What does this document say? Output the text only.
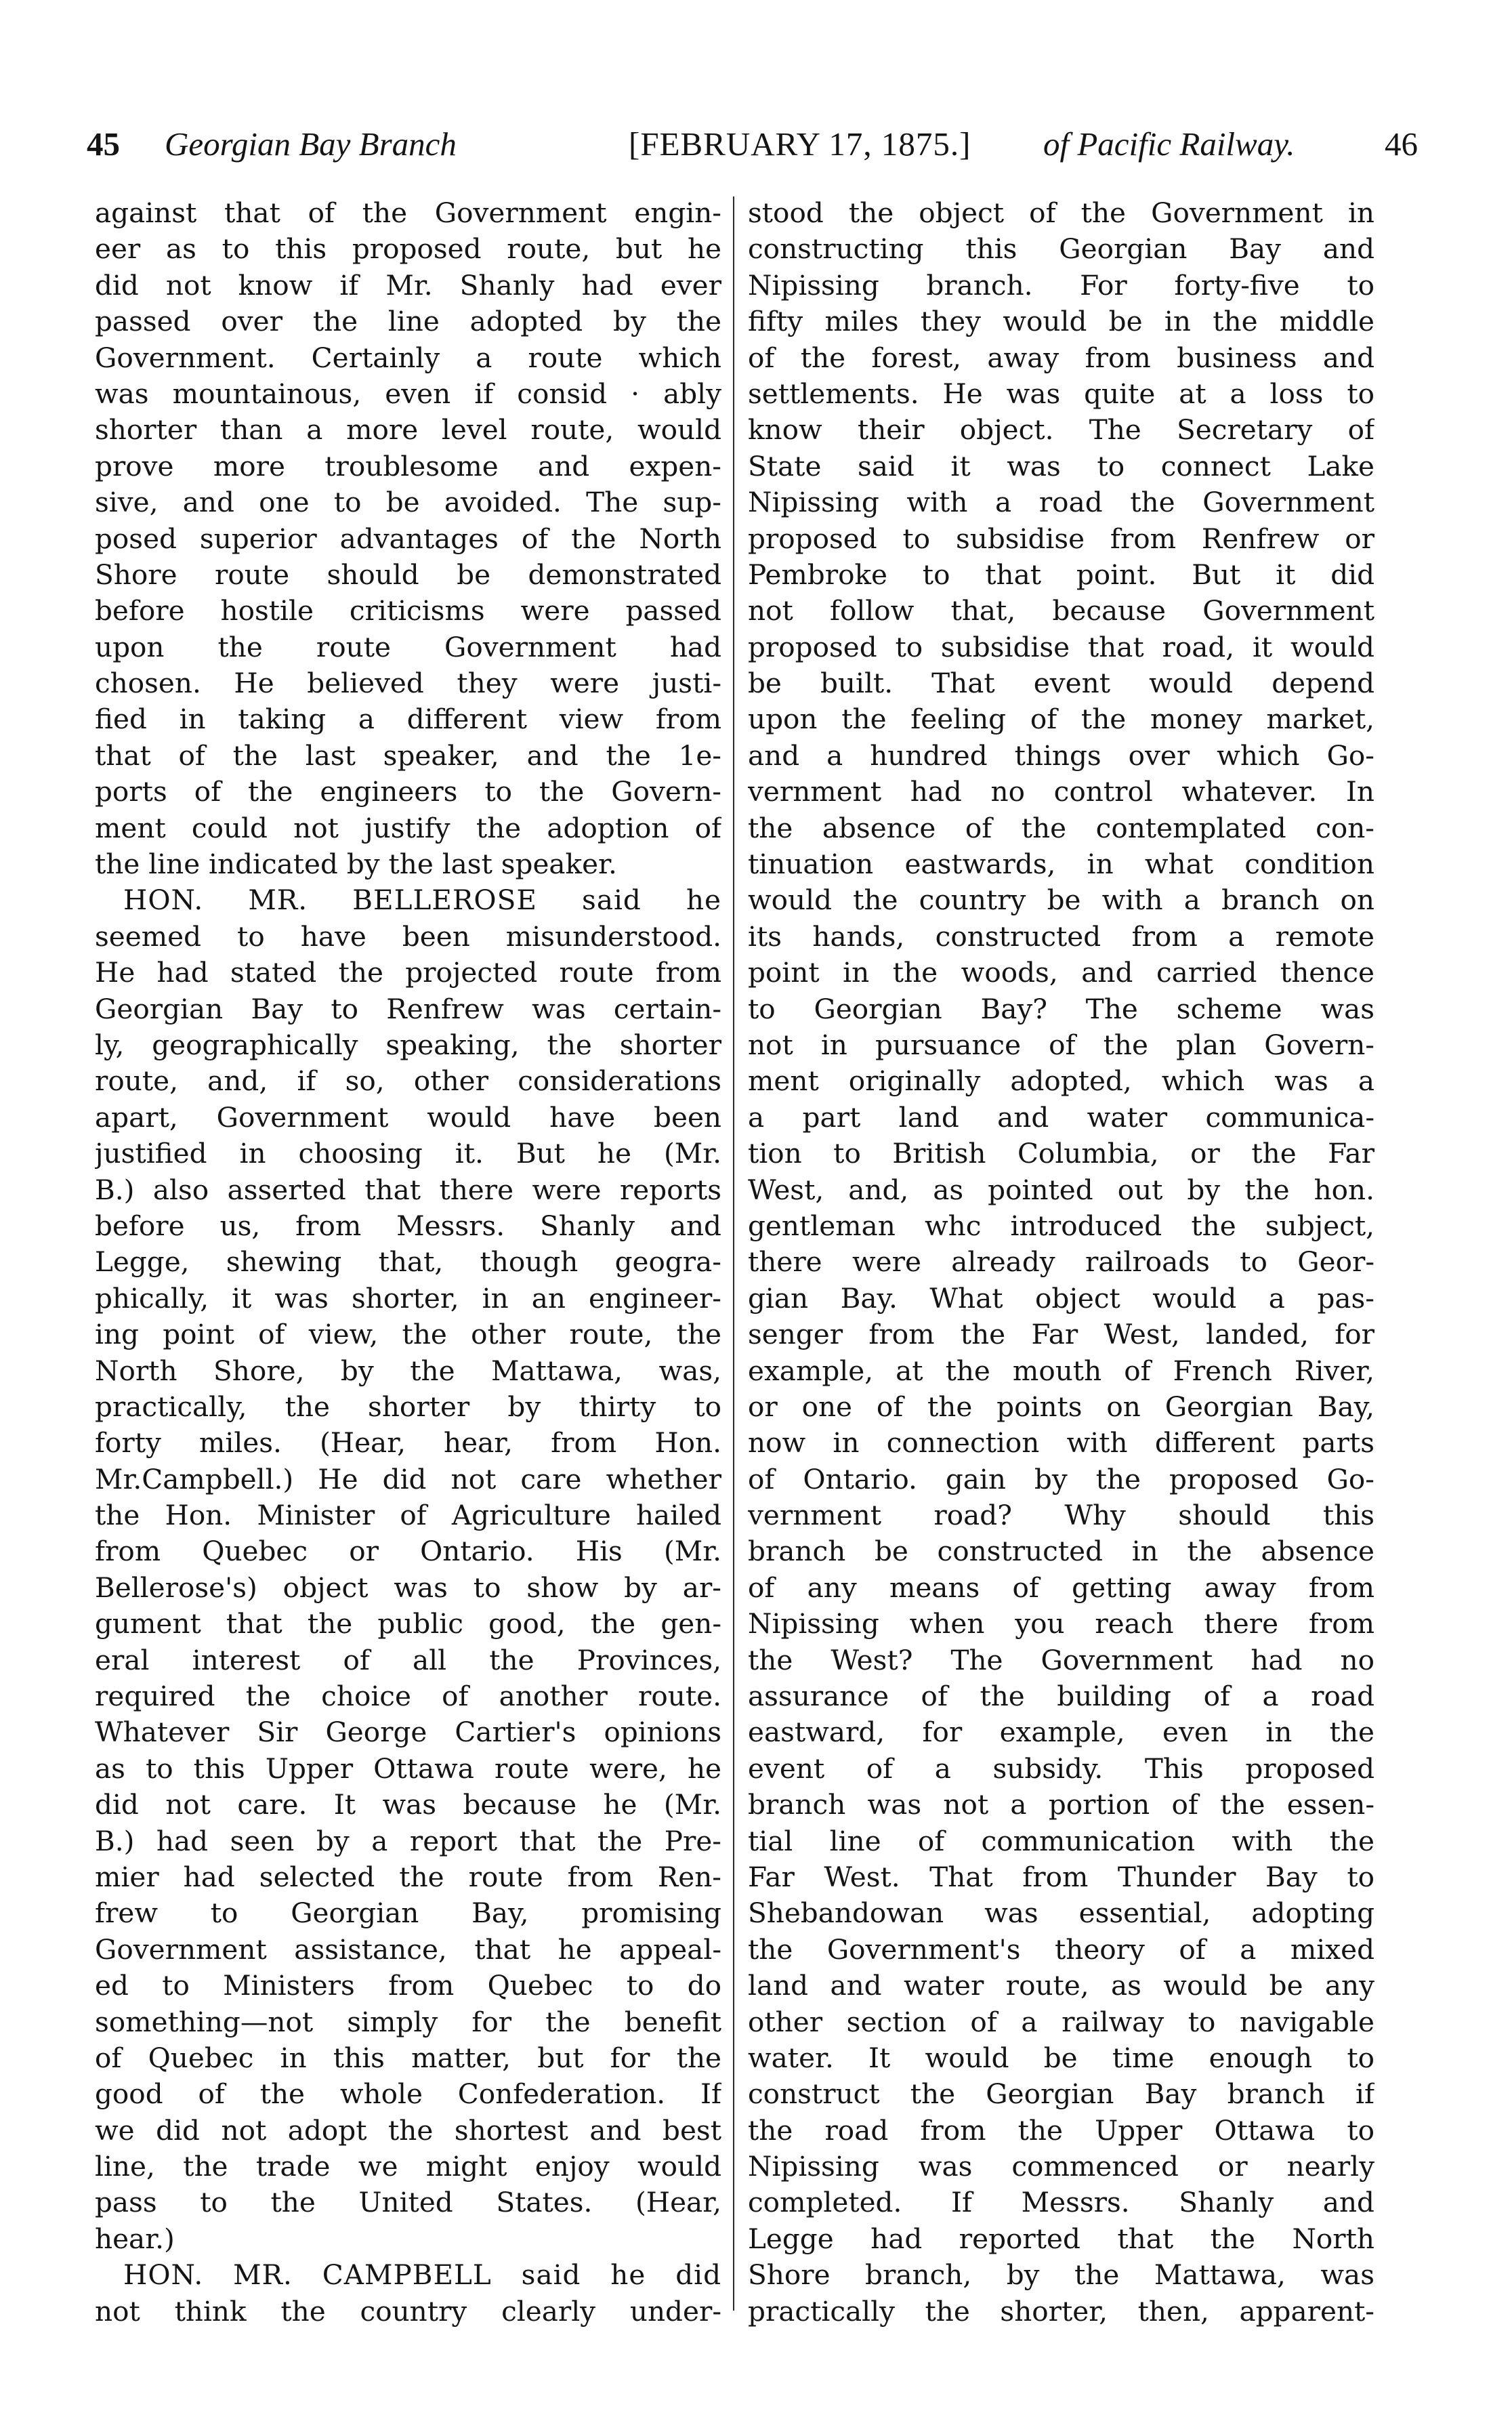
45 Georgian Bay Branch	[FEBRUARY 17, 1875.] of Pacific Railway.	46
against that of the Government engin-
eer as to this proposed route, but he
did not know if Mr. Shanly had ever
passed over the line adopted by the
Government. Certainly a route which
was mountainous, even if consid · ably
shorter than a more level route, would
prove more troublesome and expen-
sive, and one to be avoided. The sup-
posed superior advantages of the North
Shore route should be demonstrated
before hostile criticisms were passed
upon the route Government had
chosen. He believed they were justi-
fied in taking a different view from
that of the last speaker, and the 1e-
ports of the engineers to the Govern-
ment could not justify the adoption of
the line indicated by the last speaker.
HON. MR. BELLEROSE said he
seemed to have been misunderstood.
He had stated the projected route from
Georgian Bay to Renfrew was certain-
ly, geographically speaking, the shorter
route, and, if so, other considerations
apart, Government would have been
justified in choosing it. But he (Mr.
B.) also asserted that there were reports
before us, from Messrs. Shanly and
Legge, shewing that, though geogra-
phically, it was shorter, in an engineer-
ing point of view, the other route, the
North Shore, by the Mattawa, was,
practically, the shorter by thirty to
forty miles. (Hear, hear, from Hon.
Mr.Campbell.) He did not care whether
the Hon. Minister of Agriculture hailed
from Quebec or Ontario. His (Mr.
Bellerose's) object was to show by ar-
gument that the public good, the gen-
eral interest of all the Provinces,
required the choice of another route.
Whatever Sir George Cartier's opinions
as to this Upper Ottawa route were, he
did not care. It was because he (Mr.
B.) had seen by a report that the Pre-
mier had selected the route from Ren-
frew to Georgian Bay, promising
Government assistance, that he appeal-
ed to Ministers from Quebec to do
something—not simply for the benefit
of Quebec in this matter, but for the
good of the whole Confederation. If
we did not adopt the shortest and best
line, the trade we might enjoy would
pass to the United States. (Hear,
hear.)
HON. MR. CAMPBELL said he did
not think the country clearly under-
stood the object of the Government in
constructing this Georgian Bay and
Nipissing branch. For forty-five to
fifty miles they would be in the middle
of the forest, away from business and
settlements. He was quite at a loss to
know their object. The Secretary of
State said it was to connect Lake
Nipissing with a road the Government
proposed to subsidise from Renfrew or
Pembroke to that point. But it did
not follow that, because Government
proposed to subsidise that road, it would
be built. That event would depend
upon the feeling of the money market,
and a hundred things over which Go-
vernment had no control whatever. In
the absence of the contemplated con-
tinuation eastwards, in what condition
would the country be with a branch on
its hands, constructed from a remote
point in the woods, and carried thence
to Georgian Bay? The scheme was
not in pursuance of the plan Govern-
ment originally adopted, which was a
a part land and water communica-
tion to British Columbia, or the Far
West, and, as pointed out by the hon.
gentleman whc introduced the subject,
there were already railroads to Geor-
gian Bay. What object would a pas-
senger from the Far West, landed, for
example, at the mouth of French River,
or one of the points on Georgian Bay,
now in connection with different parts
of Ontario. gain by the proposed Go-
vernment road? Why should this
branch be constructed in the absence
of any means of getting away from
Nipissing when you reach there from
the West? The Government had no
assurance of the building of a road
eastward, for example, even in the
event of a subsidy. This proposed
branch was not a portion of the essen-
tial line of communication with the
Far West. That from Thunder Bay to
Shebandowan was essential, adopting
the Government's theory of a mixed
land and water route, as would be any
other section of a railway to navigable
water. It would be time enough to
construct the Georgian Bay branch if
the road from the Upper Ottawa to
Nipissing was commenced or nearly
completed. If Messrs. Shanly and
Legge had reported that the North
Shore branch, by the Mattawa, was
practically the shorter, then, apparent-
